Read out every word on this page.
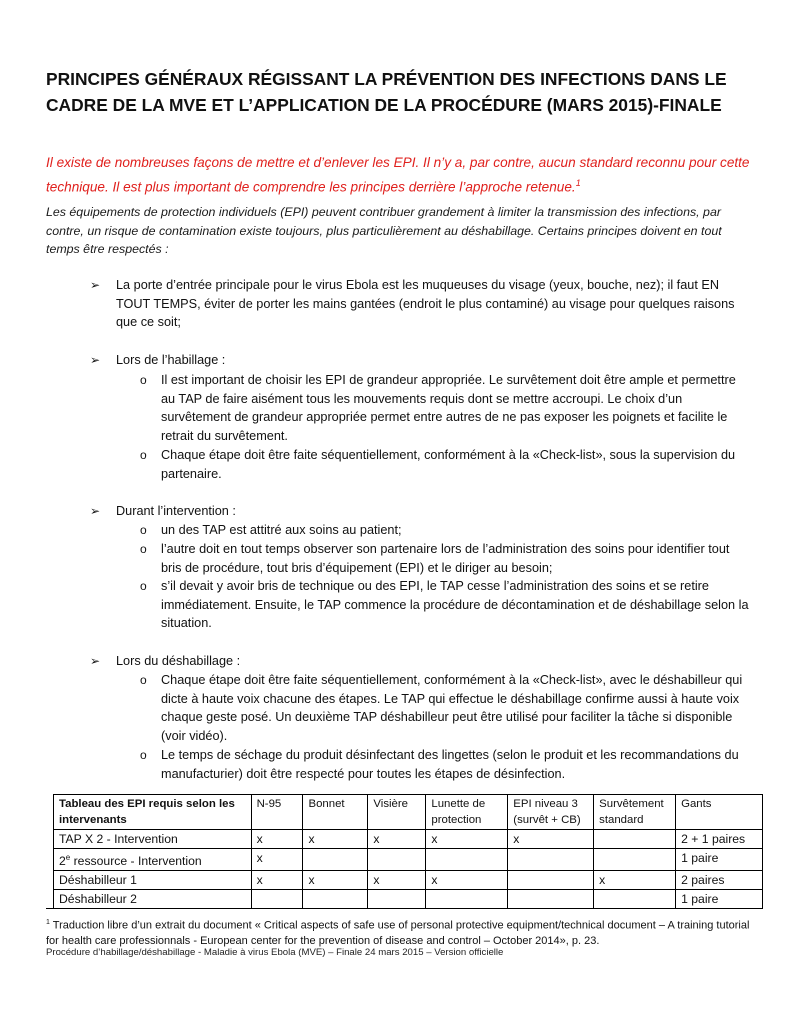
PRINCIPES GÉNÉRAUX RÉGISSANT LA PRÉVENTION DES INFECTIONS DANS LE
CADRE DE LA MVE ET L’APPLICATION DE LA PROCÉDURE (MARS 2015)-FINALE
Il existe de nombreuses façons de mettre et d’enlever les EPI. Il n’y a, par contre, aucun standard reconnu pour cette technique. Il est plus important de comprendre les principes derrière l’approche retenue.$^1$
Les équipements de protection individuels (EPI) peuvent contribuer grandement à limiter la transmission des infections, par contre, un risque de contamination existe toujours, plus particulièrement au déshabillage. Certains principes doivent en tout temps être respectés :
➢ La porte d’entrée principale pour le virus Ebola est les muqueuses du visage (yeux, bouche, nez); il faut EN TOUT TEMPS, éviter de porter les mains gantées (endroit le plus contaminé) au visage pour quelques raisons que ce soit;
➢ Lors de l’habillage :
o Il est important de choisir les EPI de grandeur appropriée. Le survêtement doit être ample et permettre au TAP de faire aisément tous les mouvements requis dont se mettre accroupi. Le choix d’un survêtement de grandeur appropriée permet entre autres de ne pas exposer les poignets et facilite le retrait du survêtement.
o Chaque étape doit être faite séquentiellement, conformément à la «Check-list», sous la supervision du partenaire.
➢ Durant l’intervention :
o un des TAP est attitré aux soins au patient;
o l’autre doit en tout temps observer son partenaire lors de l’administration des soins pour identifier tout bris de procédure, tout bris d’équipement (EPI) et le diriger au besoin;
o s’il devait y avoir bris de technique ou des EPI, le TAP cesse l’administration des soins et se retire immédiatement. Ensuite, le TAP commence la procédure de décontamination et de déshabillage selon la situation.
➢ Lors du déshabillage :
o Chaque étape doit être faite séquentiellement, conformément à la «Check-list», avec le déshabilleur qui dicte à haute voix chacune des étapes. Le TAP qui effectue le déshabillage confirme aussi à haute voix chaque geste posé. Un deuxième TAP déshabilleur peut être utilisé pour faciliter la tâche si disponible (voir vidéo).
o Le temps de séchage du produit désinfectant des lingettes (selon le produit et les recommandations du manufacturier) doit être respecté pour toutes les étapes de désinfection.
Tableau des EPI requis selon les intervenants	N-95	Bonnet	Visière	Lunette de protection	EPI niveau 3 (survêt + CB)	Survêtement standard	Gants
TAP X 2 - Intervention	x	x	x	x	x		2 + 1 paires
2e ressource - Intervention	x						1 paire
Déshabilleur 1	x	x	x	x		x	2 paires
Déshabilleur 2							1 paire
$^1$ Traduction libre d’un extrait du document « Critical aspects of safe use of personal protective equipment/technical document – A training tutorial for health care professionnals - European center for the prevention of disease and control – October 2014», p. 23.
Procédure d’habillage/déshabillage - Maladie à virus Ebola (MVE) – Finale 24 mars 2015 – Version officielle
